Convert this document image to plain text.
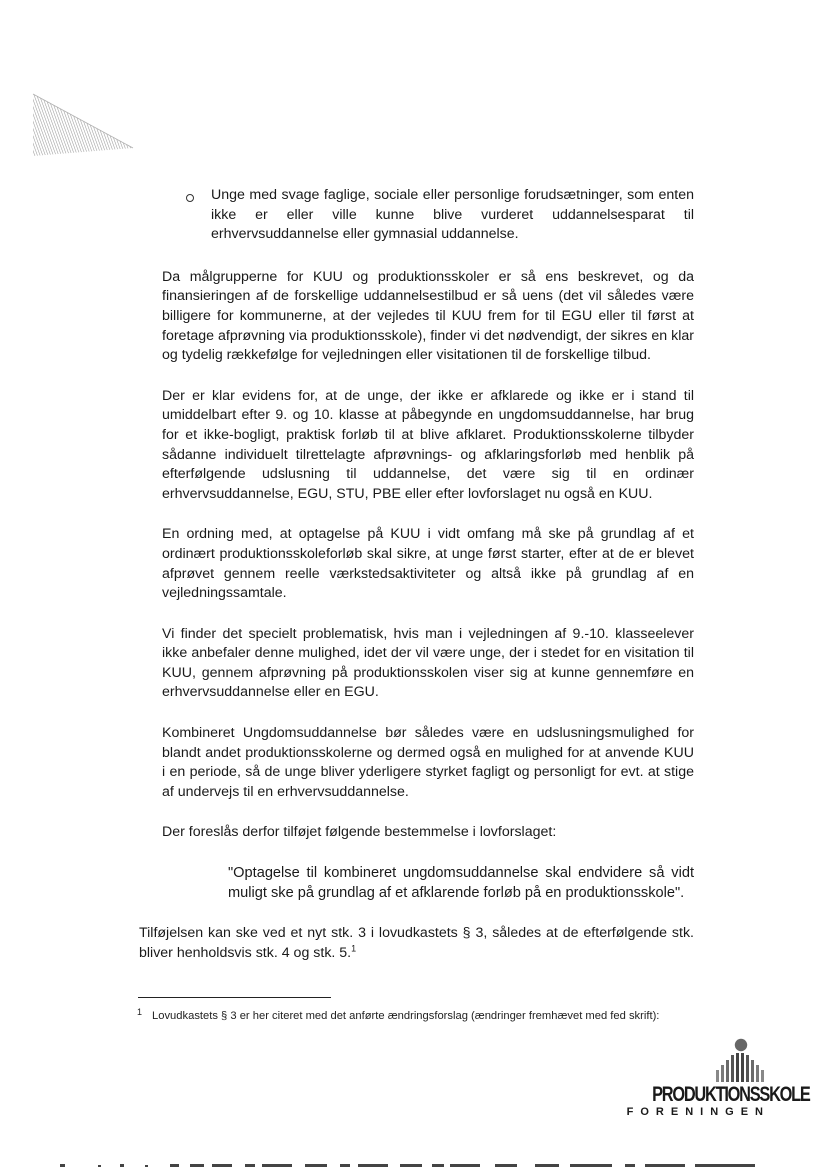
Unge med svage faglige, sociale eller personlige forudsætninger, som enten ikke er eller ville kunne blive vurderet uddannelsesparat til erhvervsuddannelse eller gymnasial uddannelse.

Da målgrupperne for KUU og produktionsskoler er så ens beskrevet, og da finansieringen af de forskellige uddannelsestilbud er så uens (det vil således være billigere for kommunerne, at der vejledes til KUU frem for til EGU eller til først at foretage afprøvning via produktionsskole), finder vi det nødvendigt, der sikres en klar og tydelig rækkefølge for vejledningen eller visitationen til de forskellige tilbud.

Der er klar evidens for, at de unge, der ikke er afklarede og ikke er i stand til umiddelbart efter 9. og 10. klasse at påbegynde en ungdomsuddannelse, har brug for et ikke-bogligt, praktisk forløb til at blive afklaret. Produktionsskolerne tilbyder sådanne individuelt tilrettelagte afprøvnings- og afklaringsforløb med henblik på efterfølgende udslusning til uddannelse, det være sig til en ordinær erhvervsuddannelse, EGU, STU, PBE eller efter lovforslaget nu også en KUU.

En ordning med, at optagelse på KUU i vidt omfang må ske på grundlag af et ordinært produktionsskoleforløb skal sikre, at unge først starter, efter at de er blevet afprøvet gennem reelle værkstedsaktiviteter og altså ikke på grundlag af en vejledningssamtale.

Vi finder det specielt problematisk, hvis man i vejledningen af 9.-10. klasseelever ikke anbefaler denne mulighed, idet der vil være unge, der i stedet for en visitation til KUU, gennem afprøvning på produktionsskolen viser sig at kunne gennemføre en erhvervsuddannelse eller en EGU.

Kombineret Ungdomsuddannelse bør således være en udslusningsmulighed for blandt andet produktionsskolerne og dermed også en mulighed for at anvende KUU i en periode, så de unge bliver yderligere styrket fagligt og personligt for evt. at stige af undervejs til en erhvervsuddannelse.

Der foreslås derfor tilføjet følgende bestemmelse i lovforslaget:

"Optagelse til kombineret ungdomsuddannelse skal endvidere så vidt muligt ske på grundlag af et afklarende forløb på en produktionsskole".

Tilføjelsen kan ske ved et nyt stk. 3 i lovudkastets § 3, således at de efterfølgende stk. bliver henholdsvis stk. 4 og stk. 5.$^1$

$^1$ Lovudkastets § 3 er her citeret med det anførte ændringsforslag (ændringer fremhævet med fed skrift):
PRODUKTIONSSKOLE
FORENINGEN
